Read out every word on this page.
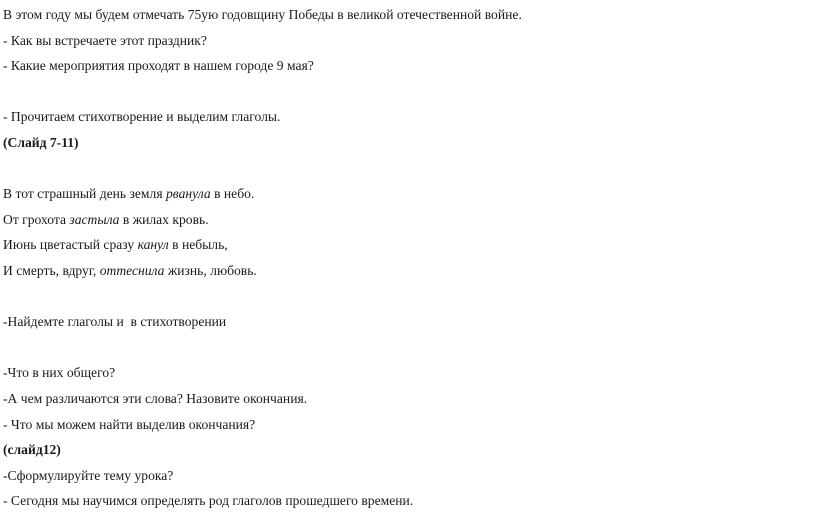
В этом году мы будем отмечать 75ую годовщину Победы в великой отечественной войне.

- Как вы встречаете этот праздник?

- Какие мероприятия проходят в нашем городе 9 мая?

- Прочитаем стихотворение и выделим глаголы.

(Слайд 7-11)

В тот страшный день земля рванула в небо.

От грохота застыла в жилах кровь.

Июнь цветастый сразу канул в небыль,

И смерть, вдруг, оттеснила жизнь, любовь.

-Найдемте глаголы и  в стихотворении

-Что в них общего?

-А чем различаются эти слова? Назовите окончания.

- Что мы можем найти выделив окончания?

(слайд12)

-Сформулируйте тему урока?

- Сегодня мы научимся определять род глаголов прошедшего времени.
